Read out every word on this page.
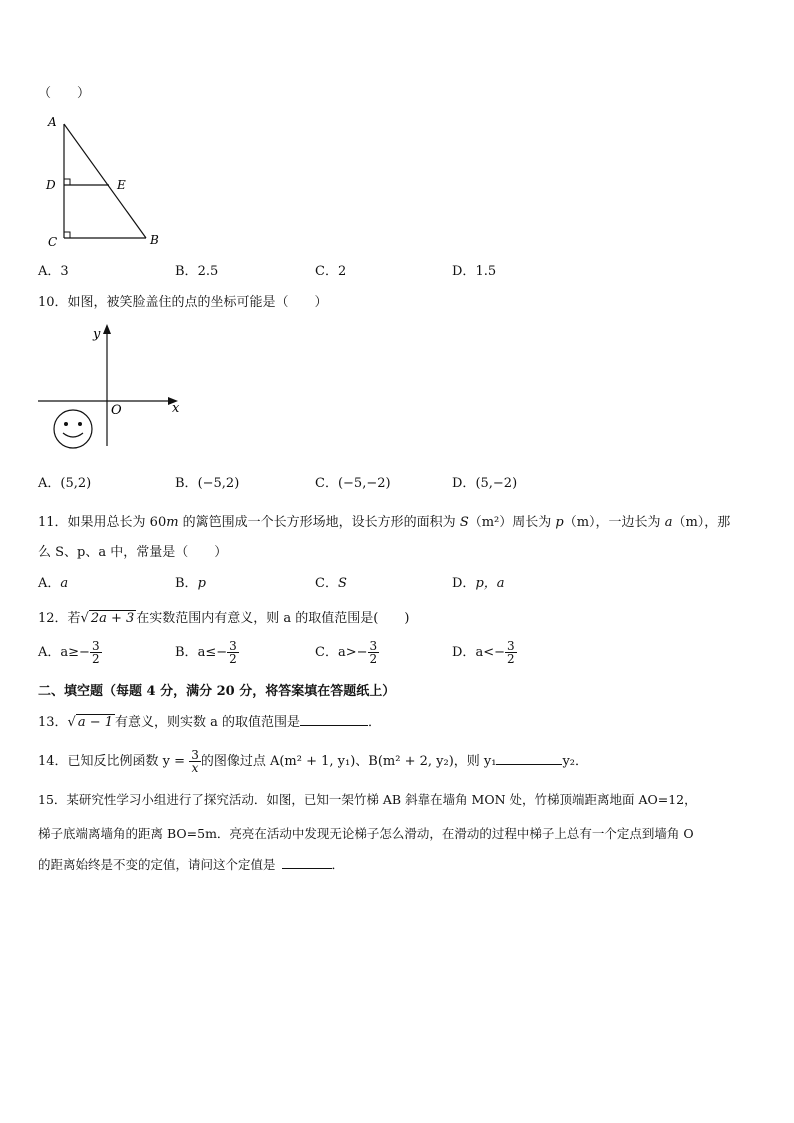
（　　）
A
D	E
C	B
A．3	B．2.5	C．2	D．1.5
10．如图，被笑脸盖住的点的坐标可能是（　　）
y
x
O
A．(5,2)	B．(−5,2)	C．(−5,−2)	D．(5,−2)
11．如果用总长为 60m 的篱笆围成一个长方形场地，设长方形的面积为 S（m²）周长为 p（m），一边长为 a（m），那
么 S、p、a 中，常量是（　　）
A．a	B．p	C．S	D．p，a
12．若√ 2a + 3 在实数范围内有意义，则 a 的取值范围是(　　)
A．$a\ge- \frac{3}{2}$	B．$a\le- \frac{3}{2}$	C．$a>- \frac{3}{2}$	D．$a<- \frac{3}{2}$
二、填空题（每题 4 分，满分 20 分，将答案填在答题纸上）
13．√ a − 1 有意义，则实数 a 的取值范围是	．
14．已知反比例函数 $y = \frac{3}{x}$ 的图像过点 A(m² + 1, y₁)、B(m² + 2, y₂)，则 y₁	y₂．
15．某研究性学习小组进行了探究活动．如图，已知一架竹梯 AB 斜靠在墙角 MON 处，竹梯顶端距离地面 AO=12，
梯子底端离墙角的距离 BO=5m．亮亮在活动中发现无论梯子怎么滑动，在滑动的过程中梯子上总有一个定点到墙角 O
的距离始终是不变的定值，请问这个定值是	．
